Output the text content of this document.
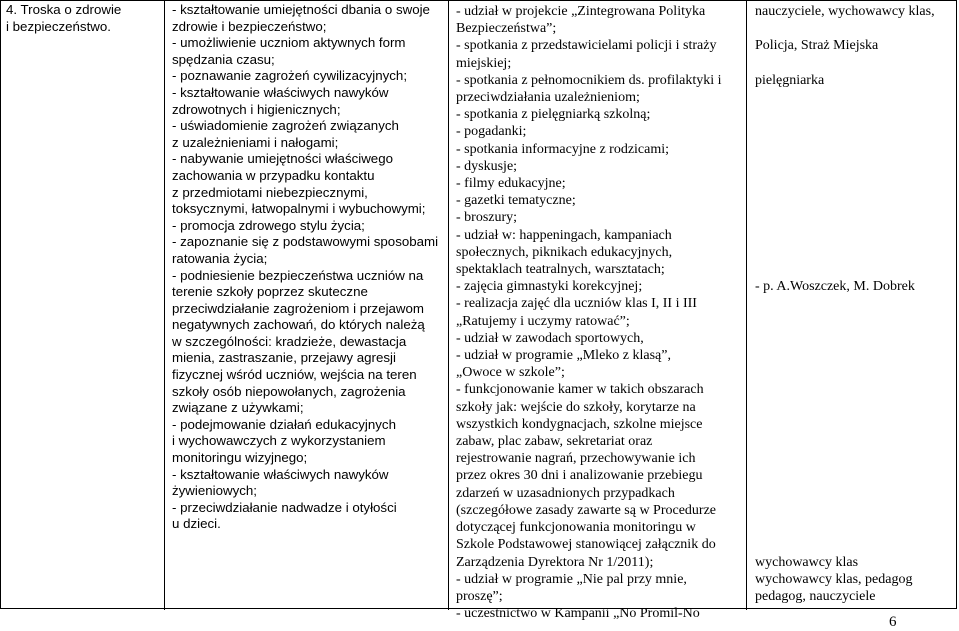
4. Troska o zdrowie
i bezpieczeństwo.
- kształtowanie umiejętności dbania o swoje
zdrowie i bezpieczeństwo;
- umożliwienie uczniom aktywnych form
spędzania czasu;
- poznawanie zagrożeń cywilizacyjnych;
- kształtowanie właściwych nawyków
zdrowotnych i higienicznych;
- uświadomienie zagrożeń związanych
z uzależnieniami i nałogami;
- nabywanie umiejętności właściwego
zachowania w przypadku kontaktu
z przedmiotami niebezpiecznymi,
toksycznymi, łatwopalnymi i wybuchowymi;
- promocja zdrowego stylu życia;
- zapoznanie się z podstawowymi sposobami
ratowania życia;
- podniesienie bezpieczeństwa uczniów na
terenie szkoły poprzez skuteczne
przeciwdziałanie zagrożeniom i przejawom
negatywnych zachowań, do których należą
w szczególności: kradzieże, dewastacja
mienia, zastraszanie, przejawy agresji
fizycznej wśród uczniów, wejścia na teren
szkoły osób niepowołanych, zagrożenia
związane z używkami;
- podejmowanie działań edukacyjnych
i wychowawczych z wykorzystaniem
monitoringu wizyjnego;
- kształtowanie właściwych nawyków
żywieniowych;
- przeciwdziałanie nadwadze i otyłości
u dzieci.
- udział w projekcie „Zintegrowana Polityka
Bezpieczeństwa”;
- spotkania z przedstawicielami policji i straży
miejskiej;
- spotkania z pełnomocnikiem ds. profilaktyki i
przeciwdziałania uzależnieniom;
- spotkania z pielęgniarką szkolną;
- pogadanki;
- spotkania informacyjne z rodzicami;
- dyskusje;
- filmy edukacyjne;
- gazetki tematyczne;
- broszury;
- udział w: happeningach, kampaniach
społecznych, piknikach edukacyjnych,
spektaklach teatralnych, warsztatach;
- zajęcia gimnastyki korekcyjnej;
- realizacja zajęć dla uczniów klas I, II i III
„Ratujemy i uczymy ratować”;
- udział w zawodach sportowych,
- udział w programie „Mleko z klasą”,
„Owoce w szkole”;
- funkcjonowanie kamer w takich obszarach
szkoły jak: wejście do szkoły, korytarze na
wszystkich kondygnacjach, szkolne miejsce
zabaw, plac zabaw, sekretariat oraz
rejestrowanie nagrań, przechowywanie ich
przez okres 30 dni i analizowanie przebiegu
zdarzeń w uzasadnionych przypadkach
(szczegółowe zasady zawarte są w Procedurze
dotyczącej funkcjonowania monitoringu w
Szkole Podstawowej stanowiącej załącznik do
Zarządzenia Dyrektora Nr 1/2011);
- udział w programie „Nie pal przy mnie,
proszę”;
- uczestnictwo w Kampanii „No Promil-No
nauczyciele, wychowawcy klas,

Policja, Straż Miejska

pielęgniarka

- p. A.Woszczek, M. Dobrek

wychowawcy klas
wychowawcy klas, pedagog
pedagog, nauczyciele
6
